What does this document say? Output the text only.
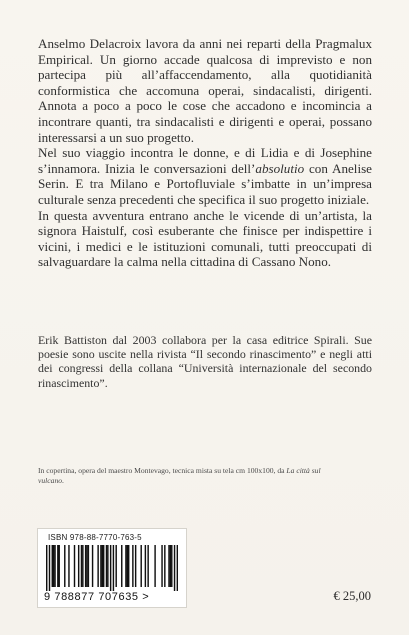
Anselmo Delacroix lavora da anni nei reparti della Pragmalux Empirical. Un giorno accade qualcosa di imprevisto e non partecipa più all’affaccendamento, alla quotidianità conformistica che accomuna operai, sindacalisti, dirigenti. Annota a poco a poco le cose che accadono e incomincia a incontrare quanti, tra sindacalisti e dirigenti e operai, possano interessarsi a un suo progetto.

Nel suo viaggio incontra le donne, e di Lidia e di Josephine s’innamora. Inizia le conversazioni dell’absolutio con Anelise Serin. E tra Milano e Portofluviale s’imbatte in un’impresa culturale senza precedenti che specifica il suo progetto iniziale.

In questa avventura entrano anche le vicende di un’artista, la signora Haistulf, così esuberante che finisce per indispettire i vicini, i medici e le istituzioni comunali, tutti preoccupati di salvaguardare la calma nella cittadina di Cassano Nono.

Erik Battiston dal 2003 collabora per la casa editrice Spirali. Sue poesie sono uscite nella rivista “Il secondo rinascimento” e negli atti dei congressi della collana “Università internazionale del secondo rinascimento”.

In copertina, opera del maestro Montevago, tecnica mista su tela cm 100x100, da La città sul vulcano.
ISBN 978-88-7770-763-5
9 788877 707635 >	€ 25,00
